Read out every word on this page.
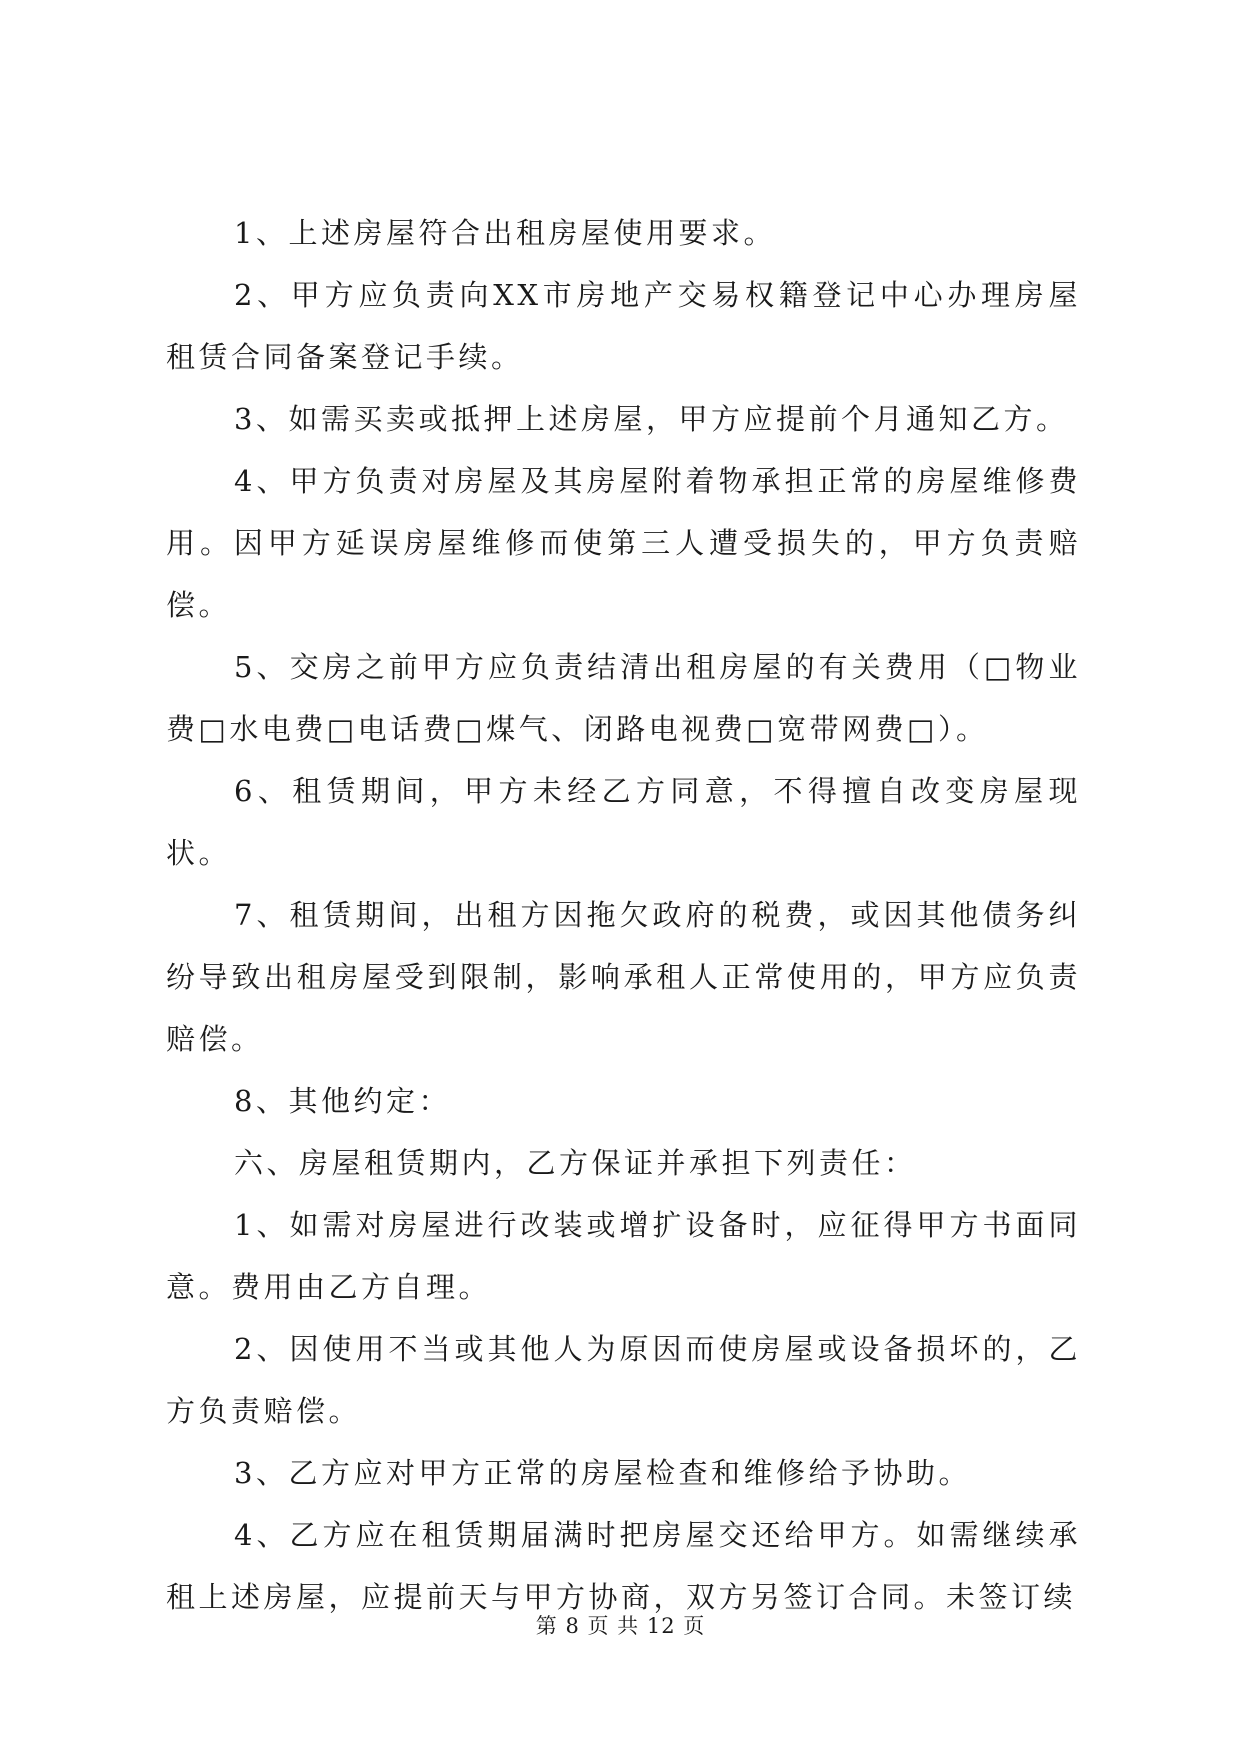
1、上述房屋符合出租房屋使用要求。

2、甲方应负责向XX市房地产交易权籍登记中心办理房屋租赁合同备案登记手续。

3、如需买卖或抵押上述房屋，甲方应提前个月通知乙方。

4、甲方负责对房屋及其房屋附着物承担正常的房屋维修费用。因甲方延误房屋维修而使第三人遭受损失的，甲方负责赔偿。

5、交房之前甲方应负责结清出租房屋的有关费用（□物业费□水电费□电话费□煤气、闭路电视费□宽带网费□）。

6、租赁期间，甲方未经乙方同意，不得擅自改变房屋现状。

7、租赁期间，出租方因拖欠政府的税费，或因其他债务纠纷导致出租房屋受到限制，影响承租人正常使用的，甲方应负责赔偿。

8、其他约定：

六、房屋租赁期内，乙方保证并承担下列责任：

1、如需对房屋进行改装或增扩设备时，应征得甲方书面同意。费用由乙方自理。

2、因使用不当或其他人为原因而使房屋或设备损坏的，乙方负责赔偿。

3、乙方应对甲方正常的房屋检查和维修给予协助。

4、乙方应在租赁期届满时把房屋交还给甲方。如需继续承租上述房屋，应提前天与甲方协商，双方另签订合同。未签订续

第 8 页 共 12 页
